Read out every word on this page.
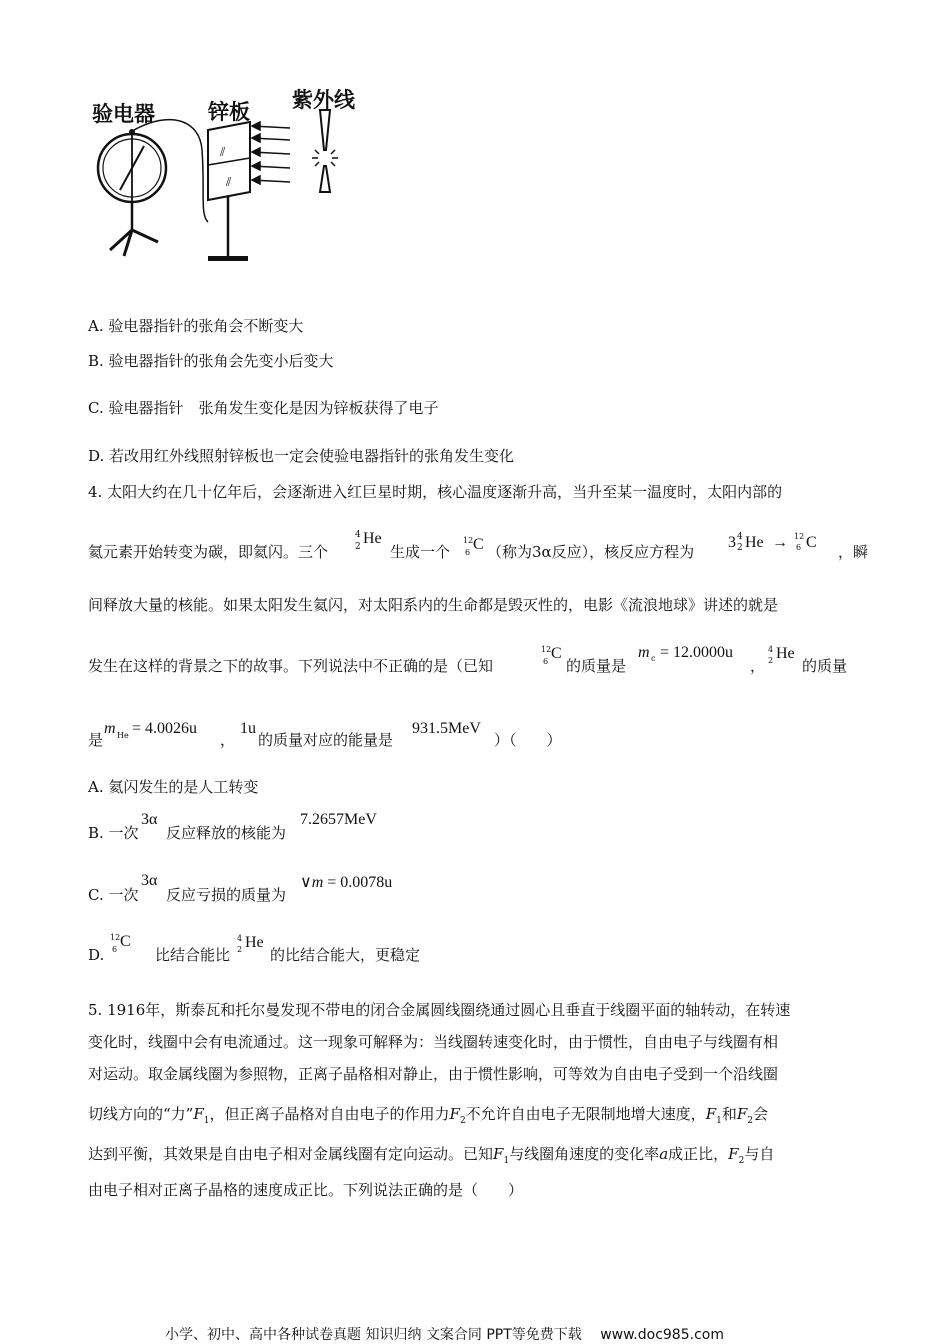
⫽
⫽
验电器	锌板 紫外线
A. 验电器指针的张角会不断变大
B. 验电器指针的张角会先变小后变大
C. 验电器指针　张角发生变化是因为锌板获得了电子
D. 若改用红外线照射锌板也一定会使验电器指针的张角发生变化
4. 太阳大约在几十亿年后，会逐渐进入红巨星时期，核心温度逐渐升高，当升至某一温度时，太阳内部的
氦元素开始转变为碳，即氦闪。三个
4
2 He
生成一个
12
6 C （称为3α反应），核反应方程为
3 4
2 He → 12
6 C
，瞬
间释放大量的核能。如果太阳发生氦闪，对太阳系内的生命都是毁灭性的，电影《流浪地球》讲述的就是
发生在这样的背景之下的故事。下列说法中不正确的是（已知
12
6 C
的质量是
m c = 12.0000u
，
4
2 He
的质量
是
m He = 4.0026u
，
1u
的质量对应的能量是
931.5MeV
）（　　）
A. 氦闪发生的是人工转变
B. 一次
3α
反应释放的核能为
7.2657MeV
C. 一次
3α
反应亏损的质量为
∨m = 0.0078u
D.
12
6 C
比结合能比
4
2 He
的比结合能大，更稳定
5. 1916年，斯泰瓦和托尔曼发现不带电的闭合金属圆线圈绕通过圆心且垂直于线圈平面的轴转动，在转速
变化时，线圈中会有电流通过。这一现象可解释为：当线圈转速变化时，由于惯性，自由电子与线圈有相
对运动。取金属线圈为参照物，正离子晶格相对静止，由于惯性影响，可等效为自由电子受到一个沿线圈
切线方向的“力$”F_1$，但正离子晶格对自由电子的作用力$F_2$不允许自由电子无限制地增大速度，$F_1$和$F_2$会
达到平衡，其效果是自由电子相对金属线圈有定向运动。已知$F_1$与线圈角速度的变化率a成正比，$F_2$与自
由电子相对正离子晶格的速度成正比。下列说法正确的是（　　）
小学、初中、高中各种试卷真题 知识归纳 文案合同 PPT等免费下载　 www.doc985.com
